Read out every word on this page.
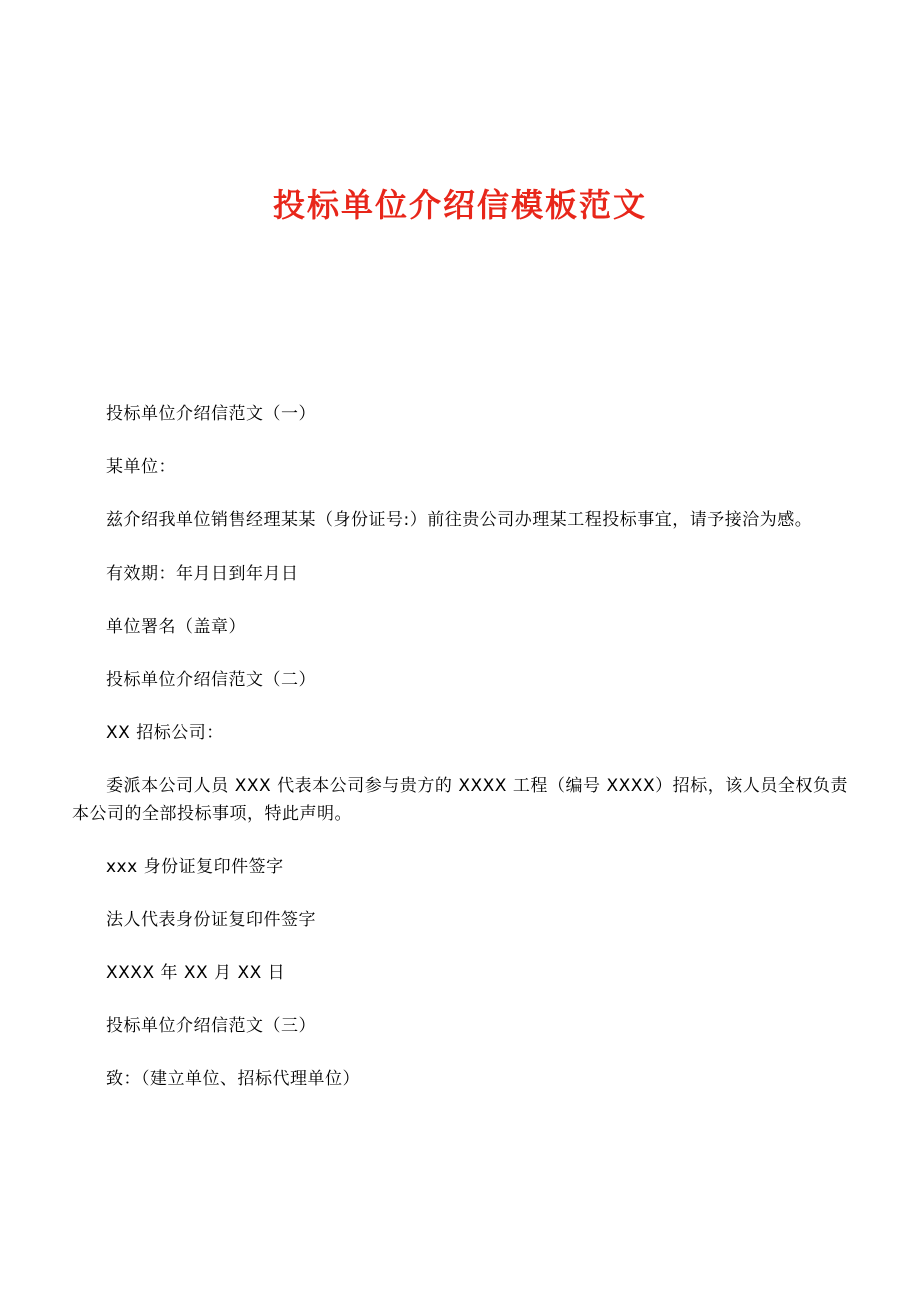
投标单位介绍信模板范文

投标单位介绍信范文（一）

某单位：

兹介绍我单位销售经理某某（身份证号:）前往贵公司办理某工程投标事宜，请予接洽为感。

有效期：年月日到年月日

单位署名（盖章）

投标单位介绍信范文（二）

XX 招标公司：

委派本公司人员 XXX 代表本公司参与贵方的 XXXX 工程（编号 XXXX）招标，该人员全权负责本公司的全部投标事项，特此声明。

xxx 身份证复印件签字

法人代表身份证复印件签字

XXXX 年 XX 月 XX 日

投标单位介绍信范文（三）

致：（建立单位、招标代理单位）
